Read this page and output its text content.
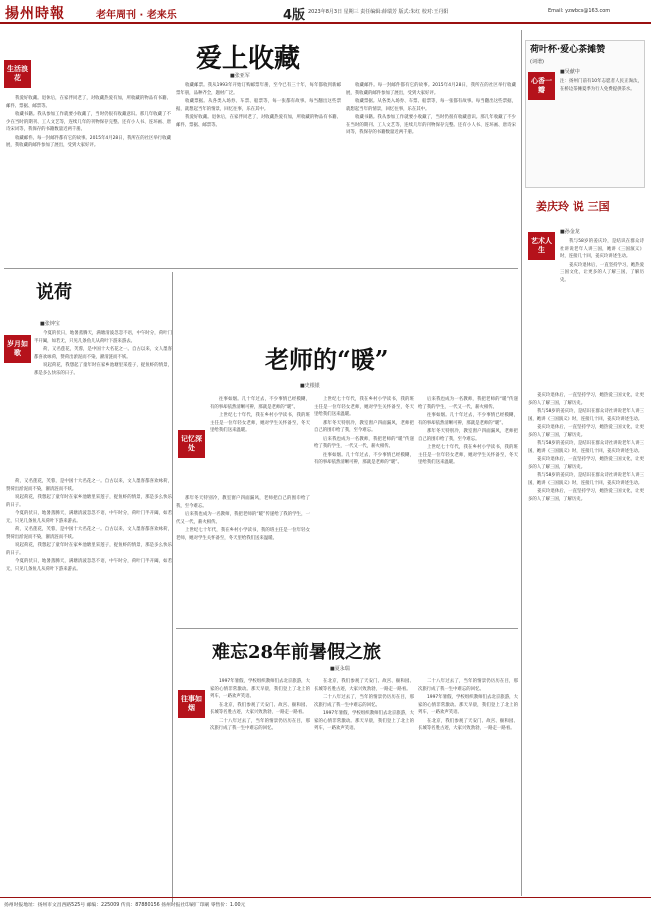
揚州時報	老年周刊 · 老来乐	4版 2023年8月3日 星期三 责任编辑:薛瑞芳 版式:朱红 校对:王丹阳	Email: yzwbcs@163.com
生活浪花
爱上收藏
■张亚军

我爱好收藏。退休后，在家伴同老了，对收藏热爱有加，所收藏的物品有书籍、邮件、票据、邮票等。

收藏书籍。我从参加工作就要小收藏了，当时仍很有收藏意识。那几年收藏了不少在当时的期刊、工人文艺等，连续几年的刊物保存完整。还有小人书、连环画、唐诗宋词等，我保存的书籍数量近两千册。

收藏邮件。每一封邮件都有它的故事。2015年4月28日，我所在的社区举行收藏展，我收藏的邮件参加了展出，受到大家好评。

收藏邮票。我从1993年开始订购邮票年册，至今已有三十年，每年都收到新邮票年册，品种齐全，题材广泛。

收藏票据。从各类入场券、车票、船票等，每一张都有故事。每当翻出这些票据，就想起当年的情景，回忆往事，乐在其中。

我爱好收藏。退休后，在家伴同老了，对收藏热爱有加，所收藏的物品有书籍、邮件、票据、邮票等。

收藏邮件。每一封邮件都有它的故事。2015年4月28日，我所在的社区举行收藏展，我收藏的邮件参加了展出，受到大家好评。

收藏票据。从各类入场券、车票、船票等，每一张都有故事。每当翻出这些票据，就想起当年的情景，回忆往事，乐在其中。

收藏书籍。我从参加工作就要小收藏了，当时仍很有收藏意识。那几年收藏了不少在当时的期刊、工人文艺等，连续几年的刊物保存完整。还有小人书、连环画、唐诗宋词等，我保存的书籍数量近两千册。

说荷
岁月如歌
■张钟宝

今夏的伏日，地暑蒸腾天，满塘清波忽忽不语，中午时分，荷叶门半开阖，如若无，只见几条鱼儿从荷叶下游来游去。

荷，又名莲花，芙蓉，是中国十大名花之一。自古以来，文人墨客都喜欢咏荷，赞荷出淤泥而不染，濯清涟而不妖。

说起荷花，我想起了童年时在家乡池塘里采莲子，捉鱼虾的情景，那是多么快乐的日子。

荷，又名莲花，芙蓉，是中国十大名花之一。自古以来，文人墨客都喜欢咏荷，赞荷出淤泥而不染，濯清涟而不妖。

说起荷花，我想起了童年时在家乡池塘里采莲子，捉鱼虾的情景，那是多么快乐的日子。

今夏的伏日，地暑蒸腾天，满塘清波忽忽不语，中午时分，荷叶门半开阖，如若无，只见几条鱼儿从荷叶下游来游去。

荷，又名莲花，芙蓉，是中国十大名花之一。自古以来，文人墨客都喜欢咏荷，赞荷出淤泥而不染，濯清涟而不妖。

说起荷花，我想起了童年时在家乡池塘里采莲子，捉鱼虾的情景，那是多么快乐的日子。

今夏的伏日，地暑蒸腾天，满塘清波忽忽不语，中午时分，荷叶门半开阖，如若无，只见几条鱼儿从荷叶下游来游去。

老师的“暖”
■史根银
记忆深处

往事如烟。几十年过去，不少事情已经模糊，有的事却依然清晰可辨，那就是老师的“暖”。

上世纪七十年代，我在乡村小学读书，我的班主任是一位年轻女老师，她对学生关怀备至，冬天里给我们送来温暖。

那年冬天特别冷，教室窗户四面漏风，老师把自己的围巾给了我，至今难忘。

后来我也成为一名教师，我把老师的“暖”传递给了我的学生，一代又一代，薪火相传。

上世纪七十年代，我在乡村小学读书，我的班主任是一位年轻女老师，她对学生关怀备至，冬天里给我们送来温暖。

上世纪七十年代，我在乡村小学读书，我的班主任是一位年轻女老师，她对学生关怀备至，冬天里给我们送来温暖。

那年冬天特别冷，教室窗户四面漏风，老师把自己的围巾给了我，至今难忘。

后来我也成为一名教师，我把老师的“暖”传递给了我的学生，一代又一代，薪火相传。

往事如烟。几十年过去，不少事情已经模糊，有的事却依然清晰可辨，那就是老师的“暖”。

后来我也成为一名教师，我把老师的“暖”传递给了我的学生，一代又一代，薪火相传。

往事如烟。几十年过去，不少事情已经模糊，有的事却依然清晰可辨，那就是老师的“暖”。

那年冬天特别冷，教室窗户四面漏风，老师把自己的围巾给了我，至今难忘。

上世纪七十年代，我在乡村小学读书，我的班主任是一位年轻女老师，她对学生关怀备至，冬天里给我们送来温暖。

难忘28年前暑假之旅
■夏永瑞
往事如烟

1997年暑假，学校组织教师们去北京旅游，大家的心情非常激动。那天早晨，我们登上了北上的列车，一路欢声笑语。

在北京，我们参观了天安门、故宫、颐和园、长城等名胜古迹，大家兴致勃勃，一路走一路看。

二十八年过去了，当年的情景仍历历在目，那次旅行成了我一生中难忘的回忆。

在北京，我们参观了天安门、故宫、颐和园、长城等名胜古迹，大家兴致勃勃，一路走一路看。

二十八年过去了，当年的情景仍历历在目，那次旅行成了我一生中难忘的回忆。

1997年暑假，学校组织教师们去北京旅游，大家的心情非常激动。那天早晨，我们登上了北上的列车，一路欢声笑语。

二十八年过去了，当年的情景仍历历在目，那次旅行成了我一生中难忘的回忆。

1997年暑假，学校组织教师们去北京旅游，大家的心情非常激动。那天早晨，我们登上了北上的列车，一路欢声笑语。

在北京，我们参观了天安门、故宫、颐和园、长城等名胜古迹，大家兴致勃勃，一路走一路看。

荷叶杯·爱心茶摊赞
(词谱)
心香一瓣
■吴献中
注：扬州门前有10年志愿者人民正淘汰，在桥边茶摊夏季为行人免费提供茶水。
姜庆玲 说 三国
艺术人生
■孙金龙

我与58岁的姜庆玲，是结识在群众诗社讲说老年人讲三国，她讲《三国演义》时，连接几十回，姜庆玲讲述生动。

姜庆玲退休后，一直坚持学习，她热爱三国文化，让更多的人了解三国，了解历史。

姜庆玲退休后，一直坚持学习，她热爱三国文化，让更多的人了解三国，了解历史。

我与58岁的姜庆玲，是结识在群众诗社讲说老年人讲三国，她讲《三国演义》时，连接几十回，姜庆玲讲述生动。

姜庆玲退休后，一直坚持学习，她热爱三国文化，让更多的人了解三国，了解历史。

我与58岁的姜庆玲，是结识在群众诗社讲说老年人讲三国，她讲《三国演义》时，连接几十回，姜庆玲讲述生动。

姜庆玲退休后，一直坚持学习，她热爱三国文化，让更多的人了解三国，了解历史。

我与58岁的姜庆玲，是结识在群众诗社讲说老年人讲三国，她讲《三国演义》时，连接几十回，姜庆玲讲述生动。

姜庆玲退休后，一直坚持学习，她热爱三国文化，让更多的人了解三国，了解历史。

扬州时报地址：扬州市文昌西路525号 邮编：225009 传真：87880156 扬州时报社印刷厂印刷 零售价：1.00元
